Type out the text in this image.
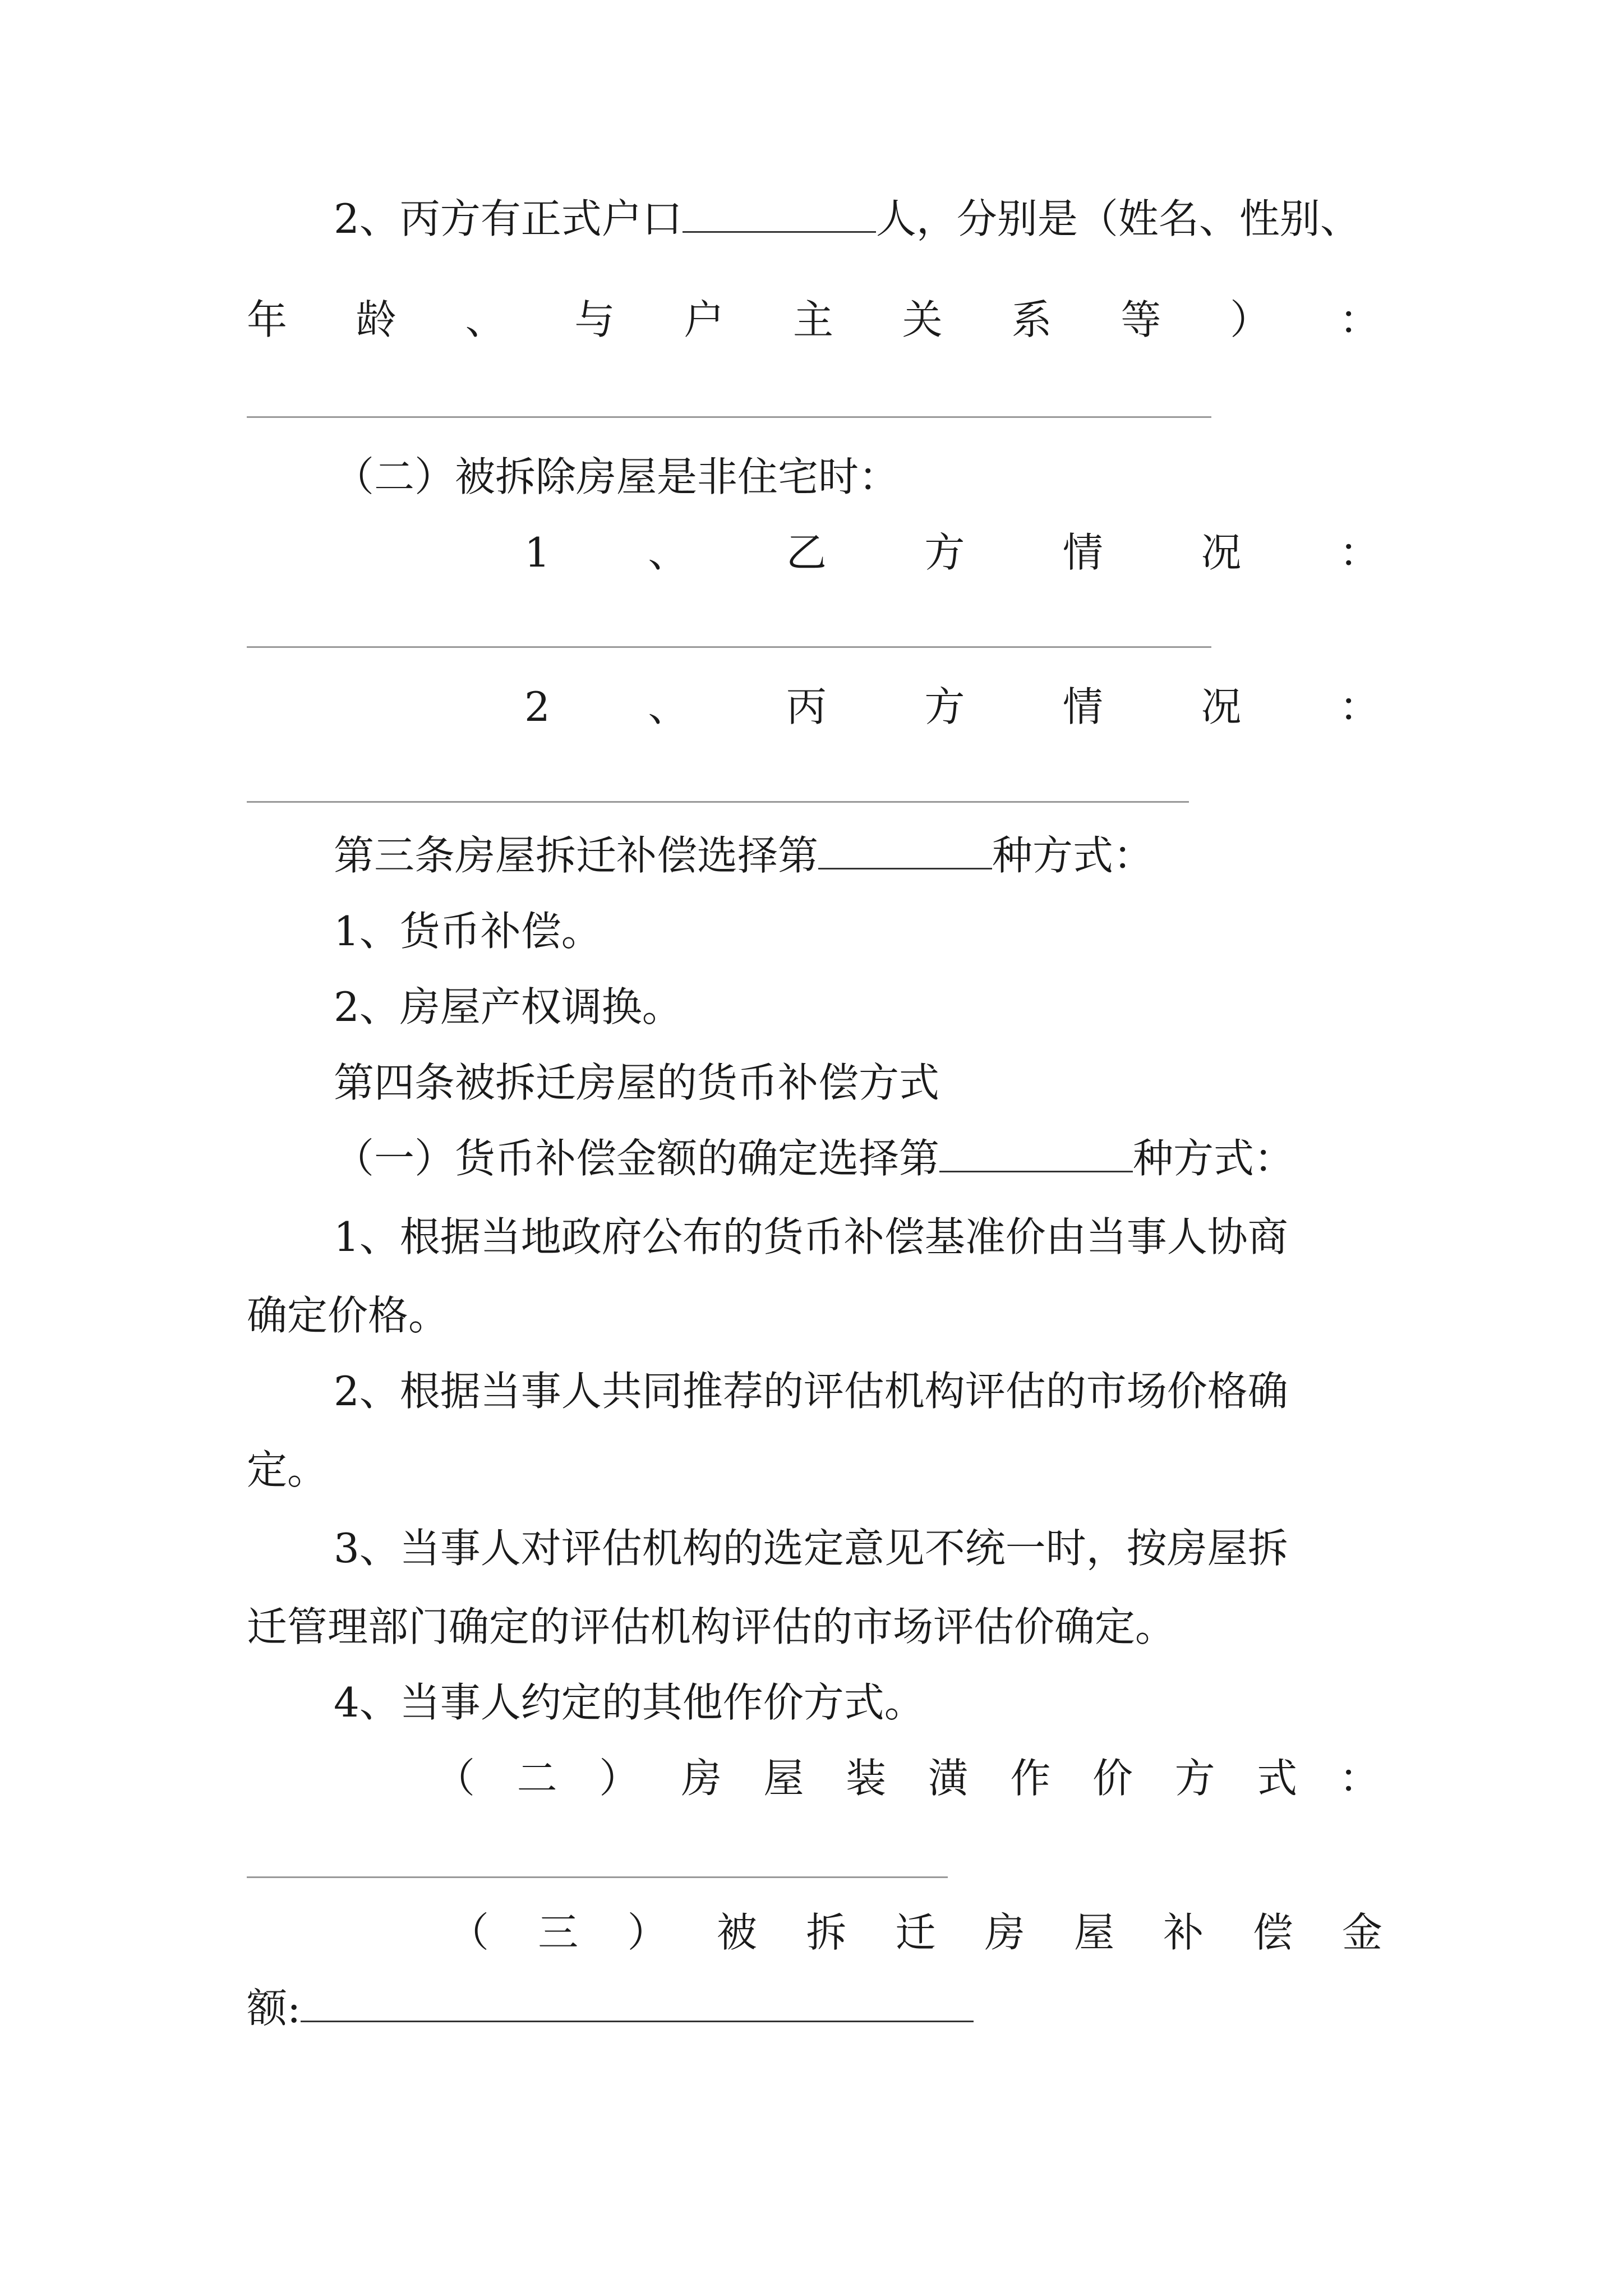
2、丙方有正式户口	人，分别是（姓名、性别、
年 龄 、 与 户 主 关 系 等 ） ：
（二）被拆除房屋是非住宅时：
1 、 乙 方 情 况 ：
2 、 丙 方 情 况 ：
第三条房屋拆迁补偿选择第	种方式：
1、货币补偿。
2、房屋产权调换。
第四条被拆迁房屋的货币补偿方式
（一）货币补偿金额的确定选择第	种方式：
1、根据当地政府公布的货币补偿基准价由当事人协商
确定价格。
2、根据当事人共同推荐的评估机构评估的市场价格确
定。
3、当事人对评估机构的选定意见不统一时，按房屋拆
迁管理部门确定的评估机构评估的市场评估价确定。
4、当事人约定的其他作价方式。
（ 二 ） 房 屋 装 潢 作 价 方 式 ：
（ 三 ） 被 拆 迁 房 屋 补 偿 金
额:
